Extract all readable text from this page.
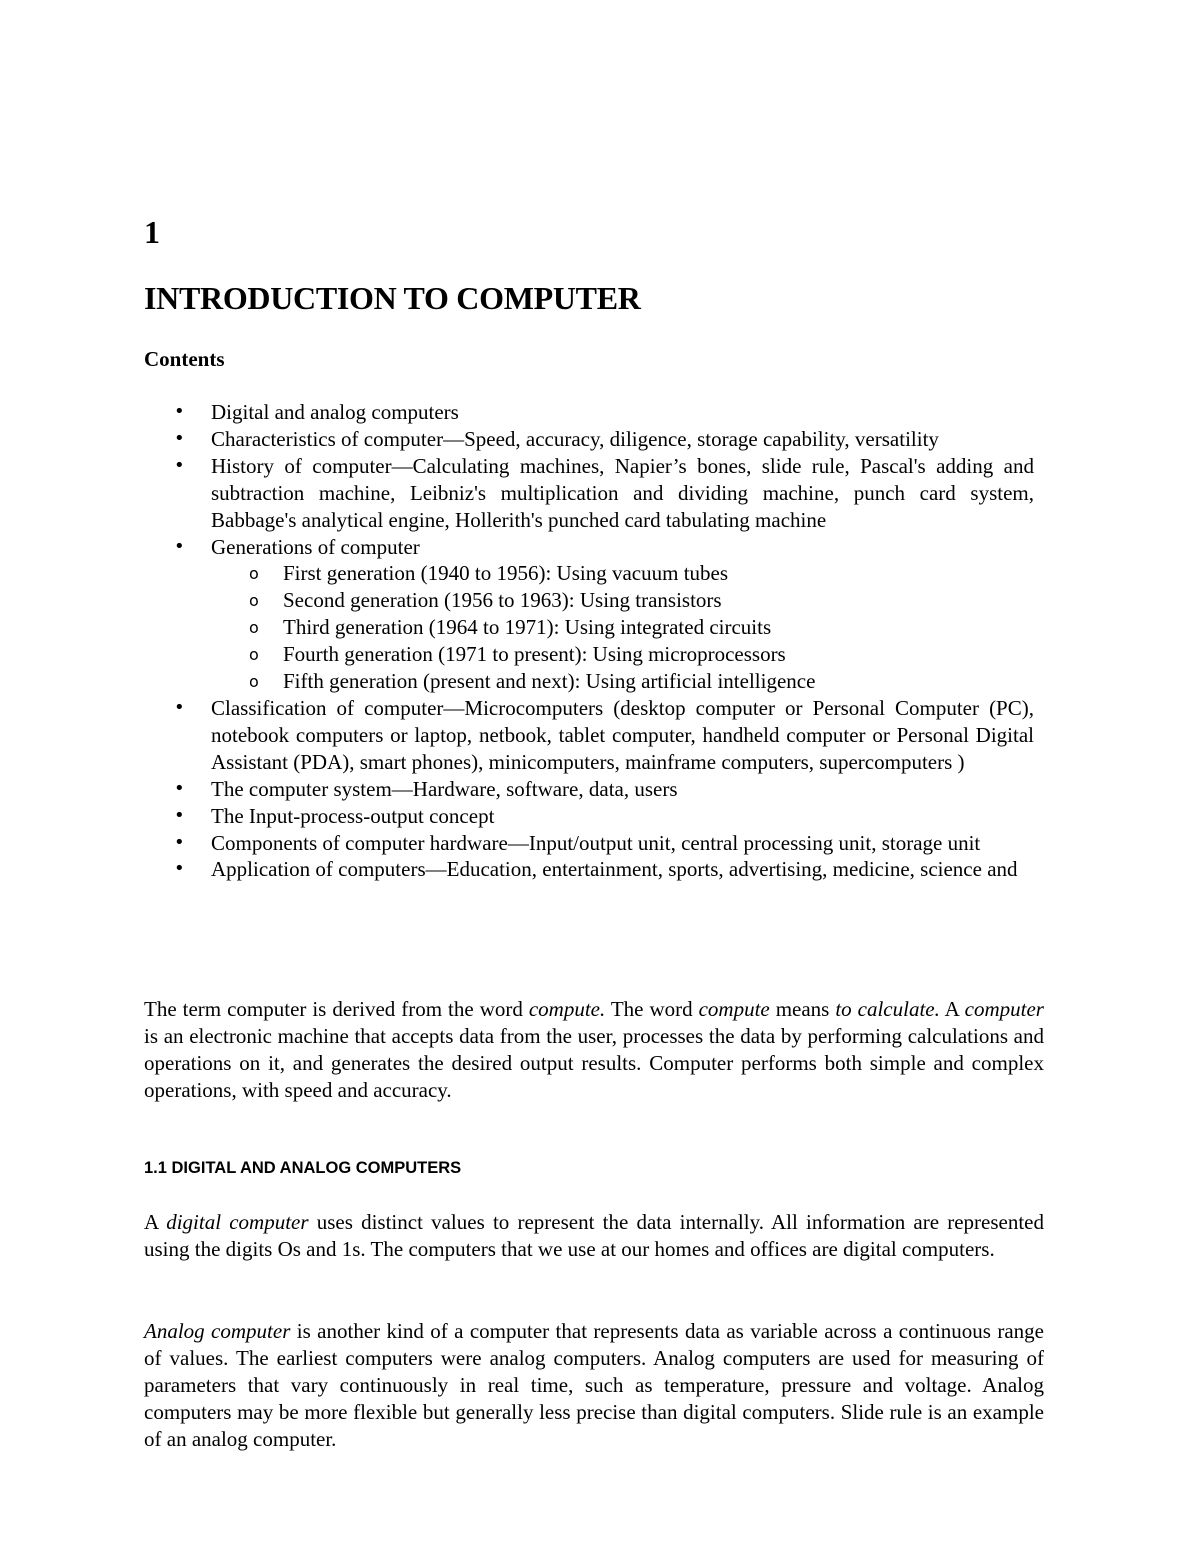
1
INTRODUCTION TO COMPUTER
Contents
• Digital and analog computers
• Characteristics of computer—Speed, accuracy, diligence, storage capability, versatility
• History of computer—Calculating machines, Napier’s bones, slide rule, Pascal's adding and subtraction machine, Leibniz's multiplication and dividing machine, punch card system, Babbage's analytical engine, Hollerith's punched card tabulating machine
• Generations of computer
o First generation (1940 to 1956): Using vacuum tubes
o Second generation (1956 to 1963): Using transistors
o Third generation (1964 to 1971): Using integrated circuits
o Fourth generation (1971 to present): Using microprocessors
o Fifth generation (present and next): Using artificial intelligence
• Classification of computer—Microcomputers (desktop computer or Personal Computer (PC), notebook computers or laptop, netbook, tablet computer, handheld computer or Personal Digital Assistant (PDA), smart phones), minicomputers, mainframe computers, supercomputers )
• The computer system—Hardware, software, data, users
• The Input-process-output concept
• Components of computer hardware—Input/output unit, central processing unit, storage unit
• Application of computers—Education, entertainment, sports, advertising, medicine, science and

The term computer is derived from the word compute. The word compute means to calculate. A computer is an electronic machine that accepts data from the user, processes the data by performing calculations and operations on it, and generates the desired output results. Computer performs both simple and complex operations, with speed and accuracy.

1.1 DIGITAL AND ANALOG COMPUTERS

A digital computer uses distinct values to represent the data internally. All information are represented using the digits Os and 1s. The computers that we use at our homes and offices are digital computers.

Analog computer is another kind of a computer that represents data as variable across a continuous range of values. The earliest computers were analog computers. Analog computers are used for measuring of parameters that vary continuously in real time, such as temperature, pressure and voltage. Analog computers may be more flexible but generally less precise than digital computers. Slide rule is an example of an analog computer.
